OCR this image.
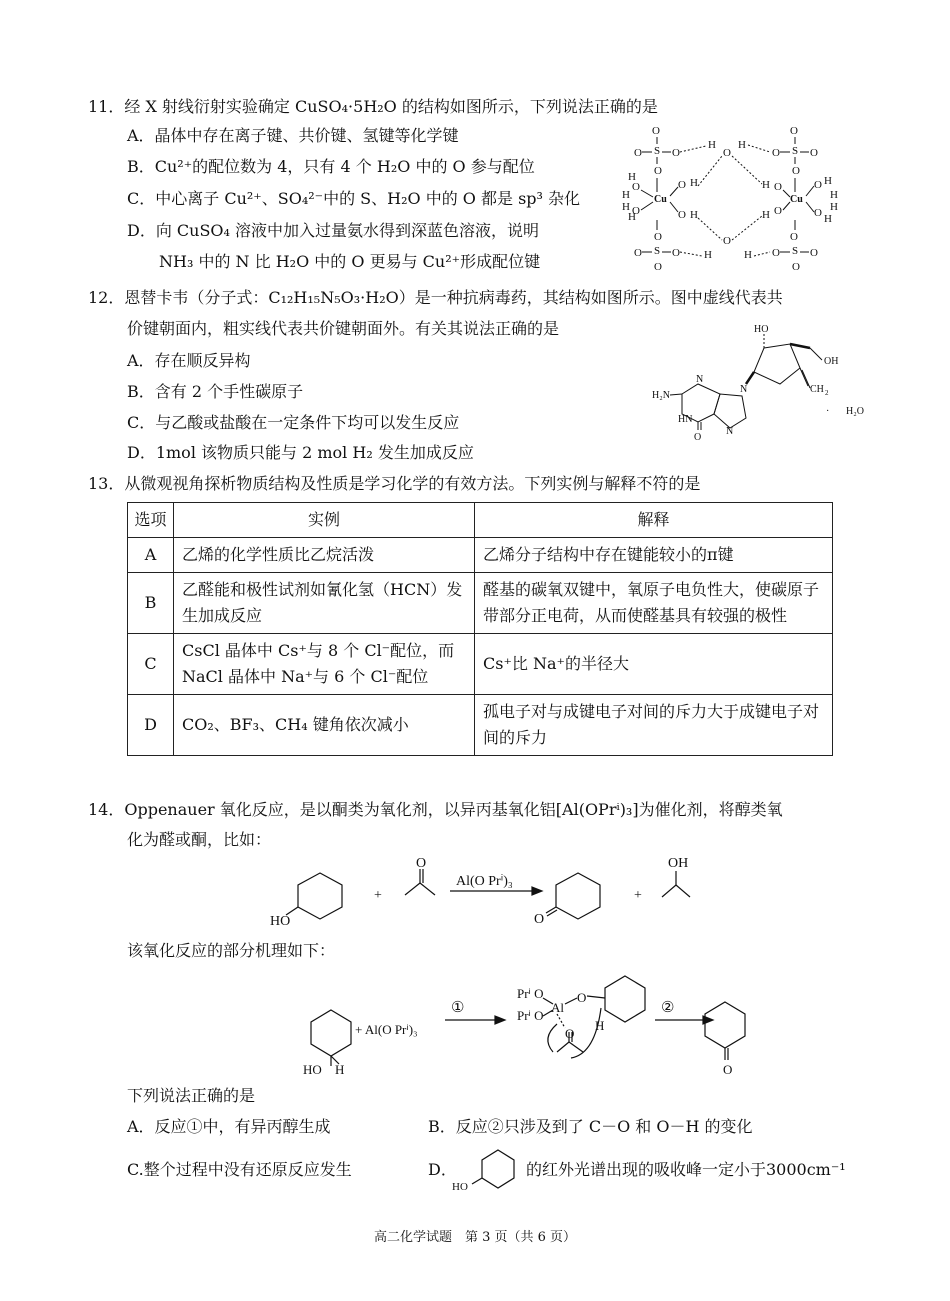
11．经 X 射线衍射实验确定 CuSO₄·5H₂O 的结构如图所示，下列说法正确的是
A．晶体中存在离子键、共价键、氢键等化学键
B．Cu²⁺的配位数为 4，只有 4 个 H₂O 中的 O 参与配位
C．中心离子 Cu²⁺、SO₄²⁻中的 S、H₂O 中的 O 都是 sp³ 杂化
D．向 CuSO₄ 溶液中加入过量氨水得到深蓝色溶液，说明
NH₃ 中的 N 比 H₂O 中的 O 更易与 Cu²⁺形成配位键
O
S
O	O
O
O
S
O	O
O
O
H H
Cu
H
H
O
H
H O
O H
O H
Cu
H O
H O
O H
H
O H
H
O
S
O	O
O
O
S
O	O
O
O
H	H
12．恩替卡韦（分子式：C₁₂H₁₅N₅O₃·H₂O）是一种抗病毒药，其结构如图所示。图中虚线代表共
价键朝面内，粗实线代表共价键朝面外。有关其说法正确的是
A．存在顺反异构
B．含有 2 个手性碳原子
C．与乙酸或盐酸在一定条件下均可以发生反应
D．1mol 该物质只能与 2 mol H₂ 发生加成反应
HO
OH
CH 2
N
H₂N
HN
O
N
N
· H₂O
13．从微观视角探析物质结构及性质是学习化学的有效方法。下列实例与解释不符的是
选项	实例	解释
A	乙烯的化学性质比乙烷活泼	乙烯分子结构中存在键能较小的π键
B	乙醛能和极性试剂如氰化氢（HCN）发生加成反应	醛基的碳氧双键中，氧原子电负性大，使碳原子带部分正电荷，从而使醛基具有较强的极性
C	CsCl 晶体中 Cs⁺与 8 个 Cl⁻配位，而 NaCl 晶体中 Na⁺与 6 个 Cl⁻配位	Cs⁺比 Na⁺的半径大
D	CO₂、BF₃、CH₄ 键角依次减小	孤电子对与成键电子对间的斥力大于成键电子对间的斥力
14．Oppenauer 氧化反应，是以酮类为氧化剂，以异丙基氧化铝[Al(OPrⁱ)₃]为催化剂，将醇类氧
化为醛或酮，比如：
HO
+
O
O
+
OH
Al(O Prⁱ)₃
该氧化反应的部分机理如下：
HO H
Prⁱ O
Prⁱ O
Al
O
O
H
O
+ Al(O Prⁱ)₃
①	②
下列说法正确的是
A．反应①中，有异丙醇生成	B．反应②只涉及到了 C－O 和 O－H 的变化
C.整个过程中没有还原反应发生	D．
HO
的红外光谱出现的吸收峰一定小于3000cm⁻¹
高二化学试题　第 3 页（共 6 页）
